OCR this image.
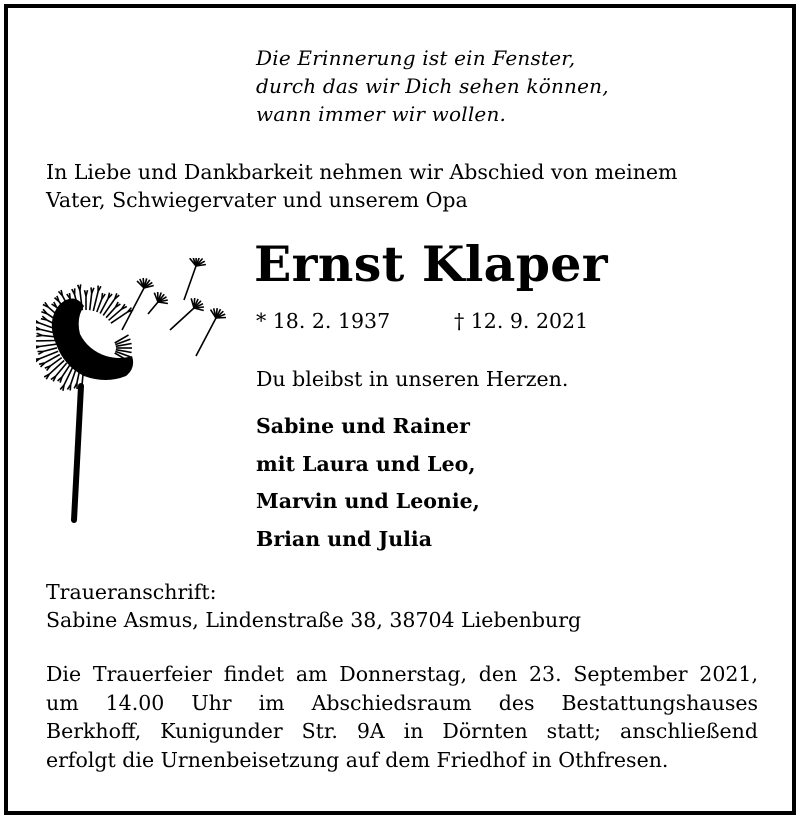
Die Erinnerung ist ein Fenster,
durch das wir Dich sehen können,
wann immer wir wollen.
In Liebe und Dankbarkeit nehmen wir Abschied von meinem
Vater, Schwiegervater und unserem Opa
Ernst Klaper
* 18. 2. 1937	† 12. 9. 2021
Du bleibst in unseren Herzen.
Sabine und Rainer
mit Laura und Leo,
Marvin und Leonie,
Brian und Julia
Traueranschrift:
Sabine Asmus, Lindenstraße 38, 38704 Liebenburg
Die Trauerfeier findet am Donnerstag, den 23. September 2021,
um 14.00 Uhr im Abschiedsraum des Bestattungshauses
Berkhoff, Kunigunder Str. 9A in Dörnten statt; anschließend
erfolgt die Urnenbeisetzung auf dem Friedhof in Othfresen.
